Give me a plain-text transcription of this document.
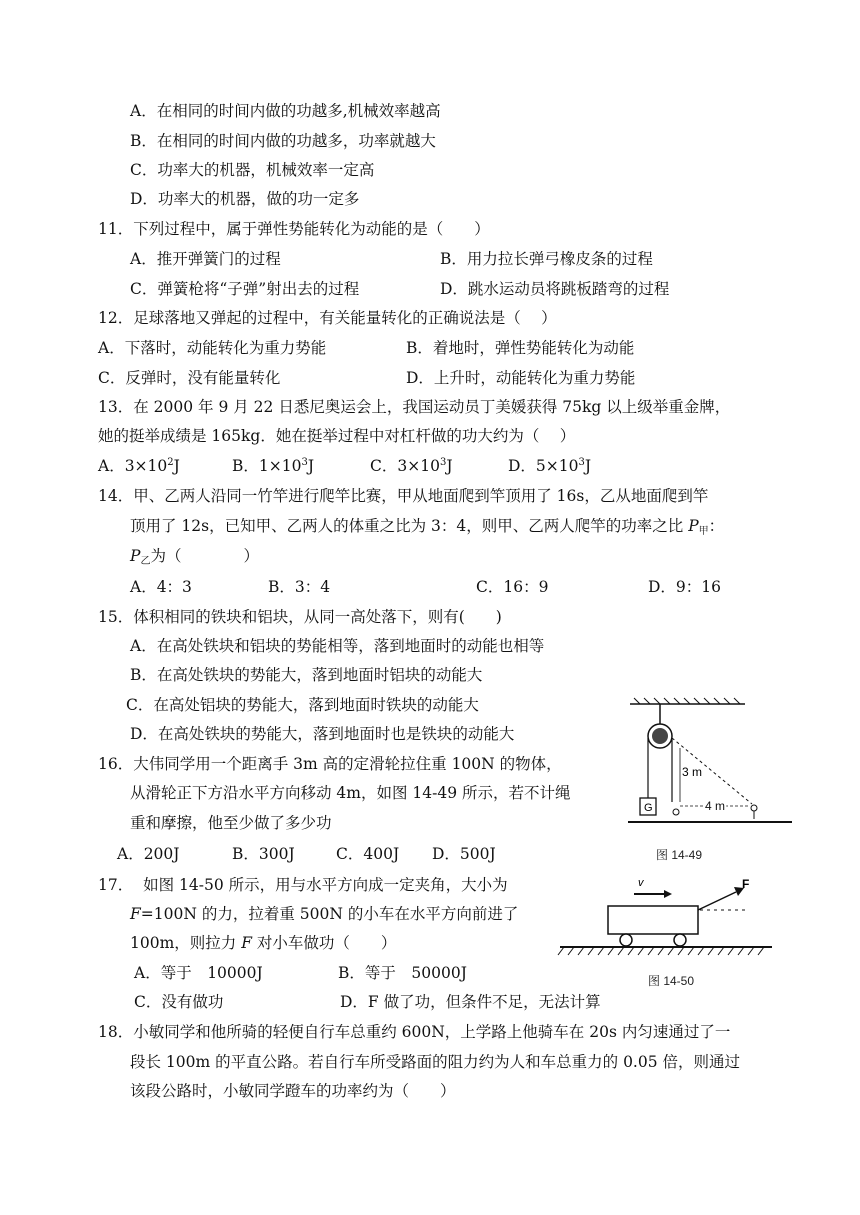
A．在相同的时间内做的功越多,机械效率越高
B．在相同的时间内做的功越多，功率就越大
C．功率大的机器，机械效率一定高
D．功率大的机器，做的功一定多
11．下列过程中，属于弹性势能转化为动能的是（　　）
A．推开弹簧门的过程	B．用力拉长弹弓橡皮条的过程
C．弹簧枪将“子弹”射出去的过程	D．跳水运动员将跳板踏弯的过程
12．足球落地又弹起的过程中，有关能量转化的正确说法是（　 ）
A．下落时，动能转化为重力势能	B．着地时，弹性势能转化为动能
C．反弹时，没有能量转化	D．上升时，动能转化为重力势能
13．在 2000 年 9 月 22 日悉尼奥运会上，我国运动员丁美媛获得 75kg 以上级举重金牌，
她的挺举成绩是 165kg．她在挺举过程中对杠杆做的功大约为（　 ）
A．$3\times 10^2J$	B．$1\times 10^3J$	C．$3\times 10^3J$	D．$5\times 10^3J$
14．甲、乙两人沿同一竹竿进行爬竿比赛，甲从地面爬到竿顶用了 16s，乙从地面爬到竿
顶用了 12s，已知甲、乙两人的体重之比为 3：4，则甲、乙两人爬竿的功率之比 P甲：
P乙为（　　　　）
A．4：3	B．3：4	C．16：9	D．9：16
15．体积相同的铁块和铝块，从同一高处落下，则有(　　)
A．在高处铁块和铝块的势能相等，落到地面时的动能也相等
B．在高处铁块的势能大，落到地面时铝块的动能大
C．在高处铝块的势能大，落到地面时铁块的动能大
D．在高处铁块的势能大，落到地面时也是铁块的动能大
16．大伟同学用一个距离手 3m 高的定滑轮拉住重 100N 的物体，
从滑轮正下方沿水平方向移动 4m，如图 14-49 所示，若不计绳
重和摩擦，他至少做了多少功
A．200J	B．300J	C．400J D．500J
G
3 m
4 m
图 14-49
17． 如图 14-50 所示，用与水平方向成一定夹角，大小为
F=100N 的力，拉着重 500N 的小车在水平方向前进了
100m，则拉力 F 对小车做功（　　）
A．等于　10000J	B．等于　50000J
C．没有做功	D．F 做了功，但条件不足，无法计算
v	F
图 14-50
18．小敏同学和他所骑的轻便自行车总重约 600N，上学路上他骑车在 20s 内匀速通过了一
段长 100m 的平直公路。若自行车所受路面的阻力约为人和车总重力的 0.05 倍，则通过
该段公路时，小敏同学蹬车的功率约为（　　）
